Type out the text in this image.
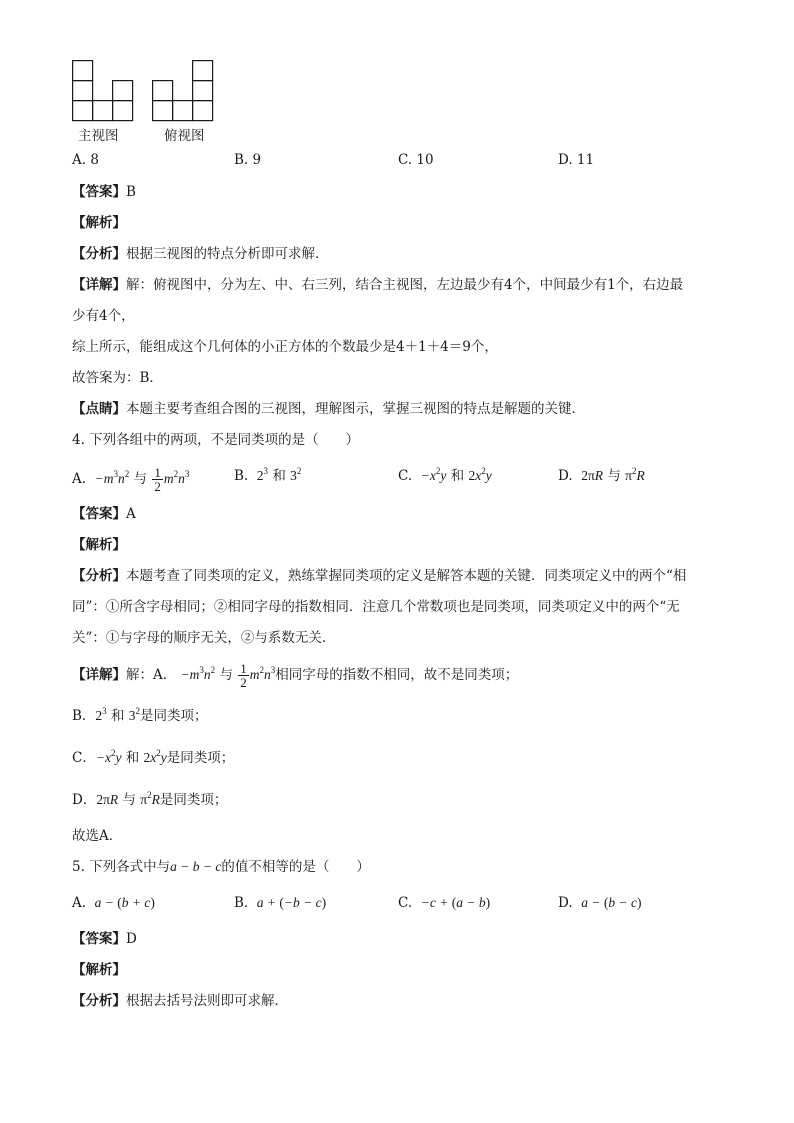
主视图	俯视图
A. 8	B. 9	C. 10	D. 11
【答案】B
【解析】
【分析】根据三视图的特点分析即可求解．
【详解】解：俯视图中，分为左、中、右三列，结合主视图，左边最少有4个，中间最少有1个，右边最
少有4个，
综上所示，能组成这个几何体的小正方体的个数最少是4＋1＋4＝9个，
故答案为：B．
【点睛】本题主要考查组合图的三视图，理解图示，掌握三视图的特点是解题的关键．
4. 下列各组中的两项，不是同类项的是（　　）
A.  $-m^3n^2$ 与 $\frac{1}{2} m^2n^3$	B.  $2^3$ 和 $3^2$	C.  $-x^2y$ 和 $2x^2y$	D.  2πR 与 $\pi^2R$
【答案】A
【解析】
【分析】本题考查了同类项的定义，熟练掌握同类项的定义是解答本题的关键．同类项定义中的两个“相
同”：①所含字母相同；②相同字母的指数相同．注意几个常数项也是同类项，同类项定义中的两个“无
关”：①与字母的顺序无关，②与系数无关．
【详解】解：A． $-m^3n^2$ 与 $\frac{1}{2} m^2n^3$相同字母的指数不相同，故不是同类项；
B．$2^3$ 和 $3^2$是同类项；
C．$-x^2y$ 和 $2x^2y$是同类项；
D．2πR 与 $\pi^2R$是同类项；
故选A．
5. 下列各式中与a − b − c的值不相等的是（　　）
A.  a − (b + c)	B.  a + (−b − c)	C.  −c + (a − b)	D.  a − (b − c)
【答案】D
【解析】
【分析】根据去括号法则即可求解．
